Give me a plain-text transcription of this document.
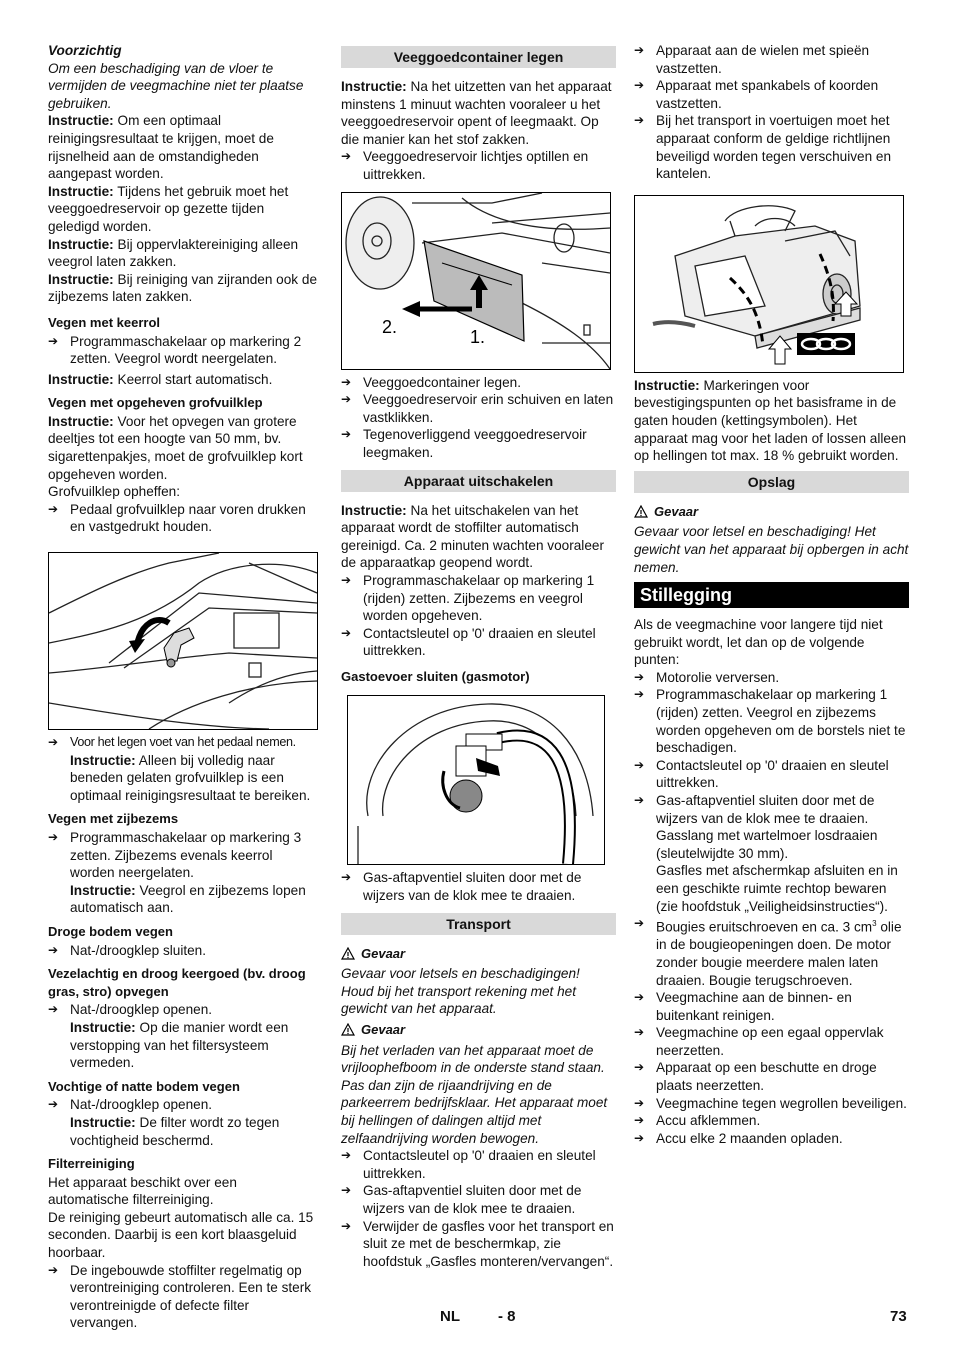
Voorzichtig

Om een beschadiging van de vloer te vermijden de veegmachine niet ter plaatse gebruiken.

Instructie: Om een optimaal reinigingsresultaat te krijgen, moet de rijsnelheid aan de omstandigheden aangepast worden.

Instructie: Tijdens het gebruik moet het veeggoedreservoir op gezette tijden geledigd worden.

Instructie: Bij oppervlaktereiniging alleen veegrol laten zakken.

Instructie: Bij reiniging van zijranden ook de zijbezems laten zakken.

Vegen met keerrol

➔ Programmaschakelaar op markering 2 zetten. Veegrol wordt neergelaten.

Instructie: Keerrol start automatisch.

Vegen met opgeheven grofvuilklep

Instructie: Voor het opvegen van grotere deeltjes tot een hoogte van 50 mm, bv. sigarettenpakjes, moet de grofvuilklep kort opgeheven worden.

Grofvuilklep opheffen:

➔ Pedaal grofvuilklep naar voren drukken en vastgedrukt houden.
➔ Voor het legen voet van het pedaal nemen.

Instructie: Alleen bij volledig naar beneden gelaten grofvuilklep is een optimaal reinigingsresultaat te bereiken.

Vegen met zijbezems

➔ Programmaschakelaar op markering 3 zetten. Zijbezems evenals keerrol worden neergelaten.

Instructie: Veegrol en zijbezems lopen automatisch aan.

Droge bodem vegen

➔ Nat-/droogklep sluiten.

Vezelachtig en droog keergoed (bv. droog gras, stro) opvegen

➔ Nat-/droogklep openen.

Instructie: Op die manier wordt een verstopping van het filtersysteem vermeden.

Vochtige of natte bodem vegen

➔ Nat-/droogklep openen.

Instructie: De filter wordt zo tegen vochtigheid beschermd.

Filterreiniging

Het apparaat beschikt over een automatische filterreiniging.

De reiniging gebeurt automatisch alle ca. 15 seconden. Daarbij is een kort blaasgeluid hoorbaar.

➔ De ingebouwde stoffilter regelmatig op verontreiniging controleren. Een te sterk verontreinigde of defecte filter vervangen.
Veeggoedcontainer legen

Instructie: Na het uitzetten van het apparaat minstens 1 minuut wachten vooraleer u het veeggoedreservoir opent of leegmaakt. Op die manier kan het stof zakken.

➔ Veeggoedreservoir lichtjes optillen en uittrekken.
2.	1.
➔ Veeggoedcontainer legen.
➔ Veeggoedreservoir erin schuiven en laten vastklikken.
➔ Tegenoverliggend veeggoedreservoir leegmaken.
Apparaat uitschakelen

Instructie: Na het uitschakelen van het apparaat wordt de stoffilter automatisch gereinigd. Ca. 2 minuten wachten vooraleer de apparaatkap geopend wordt.

➔ Programmaschakelaar op markering 1 (rijden) zetten. Zijbezems en veegrol worden opgeheven.
➔ Contactsleutel op '0' draaien en sleutel uittrekken.

Gastoevoer sluiten (gasmotor)

➔ Gas-aftapventiel sluiten door met de wijzers van de klok mee te draaien.
Transport
Gevaar

Gevaar voor letsels en beschadigingen! Houd bij het transport rekening met het gewicht van het apparaat.

Gevaar

Bij het verladen van het apparaat moet de vrijloophefboom in de onderste stand staan. Pas dan zijn de rijaandrijving en de parkeerrem bedrijfsklaar. Het apparaat moet bij hellingen of dalingen altijd met zelfaandrijving worden bewogen.

➔ Contactsleutel op '0' draaien en sleutel uittrekken.
➔ Gas-aftapventiel sluiten door met de wijzers van de klok mee te draaien.
➔ Verwijder de gasfles voor het transport en sluit ze met de beschermkap, zie hoofdstuk „Gasfles monteren/vervangen“.
➔ Apparaat aan de wielen met spieën vastzetten.
➔ Apparaat met spankabels of koorden vastzetten.
➔ Bij het transport in voertuigen moet het apparaat conform de geldige richtlijnen beveiligd worden tegen verschuiven en kantelen.

Instructie: Markeringen voor bevestigingspunten op het basisframe in de gaten houden (kettingsymbolen). Het apparaat mag voor het laden of lossen alleen op hellingen tot max. 18 % gebruikt worden.

Opslag
Gevaar

Gevaar voor letsel en beschadiging! Het gewicht van het apparaat bij opbergen in acht nemen.

Stillegging

Als de veegmachine voor langere tijd niet gebruikt wordt, let dan op de volgende punten:

➔ Motorolie verversen.
➔ Programmaschakelaar op markering 1 (rijden) zetten. Veegrol en zijbezems worden opgeheven om de borstels niet te beschadigen.
➔ Contactsleutel op '0' draaien en sleutel uittrekken.
➔ Gas-aftapventiel sluiten door met de wijzers van de klok mee te draaien.

Gasslang met wartelmoer losdraaien (sleutelwijdte 30 mm).

Gasfles met afschermkap afsluiten en in een geschikte ruimte rechtop bewaren (zie hoofdstuk „Veiligheidsinstructies“).

➔ Bougies eruitschroeven en ca. 3 $cm^3$ olie in de bougieopeningen doen. De motor zonder bougie meerdere malen laten draaien. Bougie terugschroeven.
➔ Veegmachine aan de binnen- en buitenkant reinigen.
➔ Veegmachine op een egaal oppervlak neerzetten.
➔ Apparaat op een beschutte en droge plaats neerzetten.
➔ Veegmachine tegen wegrollen beveiligen.
➔ Accu afklemmen.
➔ Accu elke 2 maanden opladen.
NL	- 8	73
